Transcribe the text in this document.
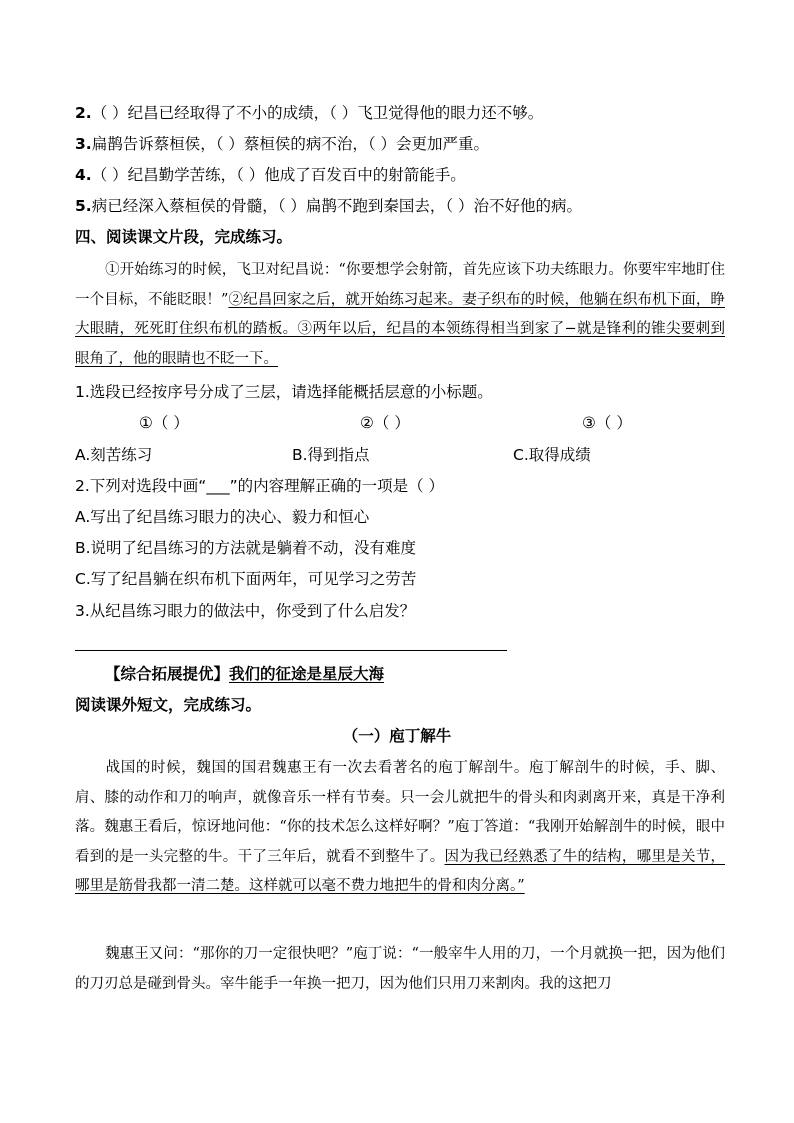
2.（ ）纪昌已经取得了不小的成绩，（ ）飞卫觉得他的眼力还不够。
3.扁鹊告诉蔡桓侯，（ ）蔡桓侯的病不治，（ ）会更加严重。
4.（ ）纪昌勤学苦练，（ ）他成了百发百中的射箭能手。
5.病已经深入蔡桓侯的骨髓，（ ）扁鹊不跑到秦国去，（ ）治不好他的病。
四、阅读课文片段，完成练习。
①开始练习的时候，飞卫对纪昌说：“你要想学会射箭，首先应该下功夫练眼力。你要牢牢地盯住一个目标，不能眨眼！”②纪昌回家之后，就开始练习起来。妻子织布的时候，他躺在织布机下面，睁大眼睛，死死盯住织布机的踏板。③两年以后，纪昌的本领练得相当到家了−就是锋利的锥尖要刺到眼角了，他的眼睛也不眨一下。
1.选段已经按序号分成了三层，请选择能概括层意的小标题。
①（ ）	②（ ）	③（ ）
A.刻苦练习	B.得到指点	C.取得成绩
2.下列对选段中画“___”的内容理解正确的一项是（ ）
A.写出了纪昌练习眼力的决心、毅力和恒心
B.说明了纪昌练习的方法就是躺着不动，没有难度
C.写了纪昌躺在织布机下面两年，可见学习之劳苦
3.从纪昌练习眼力的做法中，你受到了什么启发？
【综合拓展提优】我们的征途是星辰大海
阅读课外短文，完成练习。
（一）庖丁解牛
战国的时候，魏国的国君魏惠王有一次去看著名的庖丁解剖牛。庖丁解剖牛的时候，手、脚、肩、膝的动作和刀的响声，就像音乐一样有节奏。只一会儿就把牛的骨头和肉剥离开来，真是干净利落。魏惠王看后，惊讶地问他：“你的技术怎么这样好啊？”庖丁答道：“我刚开始解剖牛的时候，眼中看到的是一头完整的牛。干了三年后，就看不到整牛了。因为我已经熟悉了牛的结构，哪里是关节，哪里是筋骨我都一清二楚。这样就可以毫不费力地把牛的骨和肉分离。”
魏惠王又问：“那你的刀一定很快吧？”庖丁说：“一般宰牛人用的刀，一个月就换一把，因为他们的刀刃总是碰到骨头。宰牛能手一年换一把刀，因为他们只用刀来割肉。我的这把刀
